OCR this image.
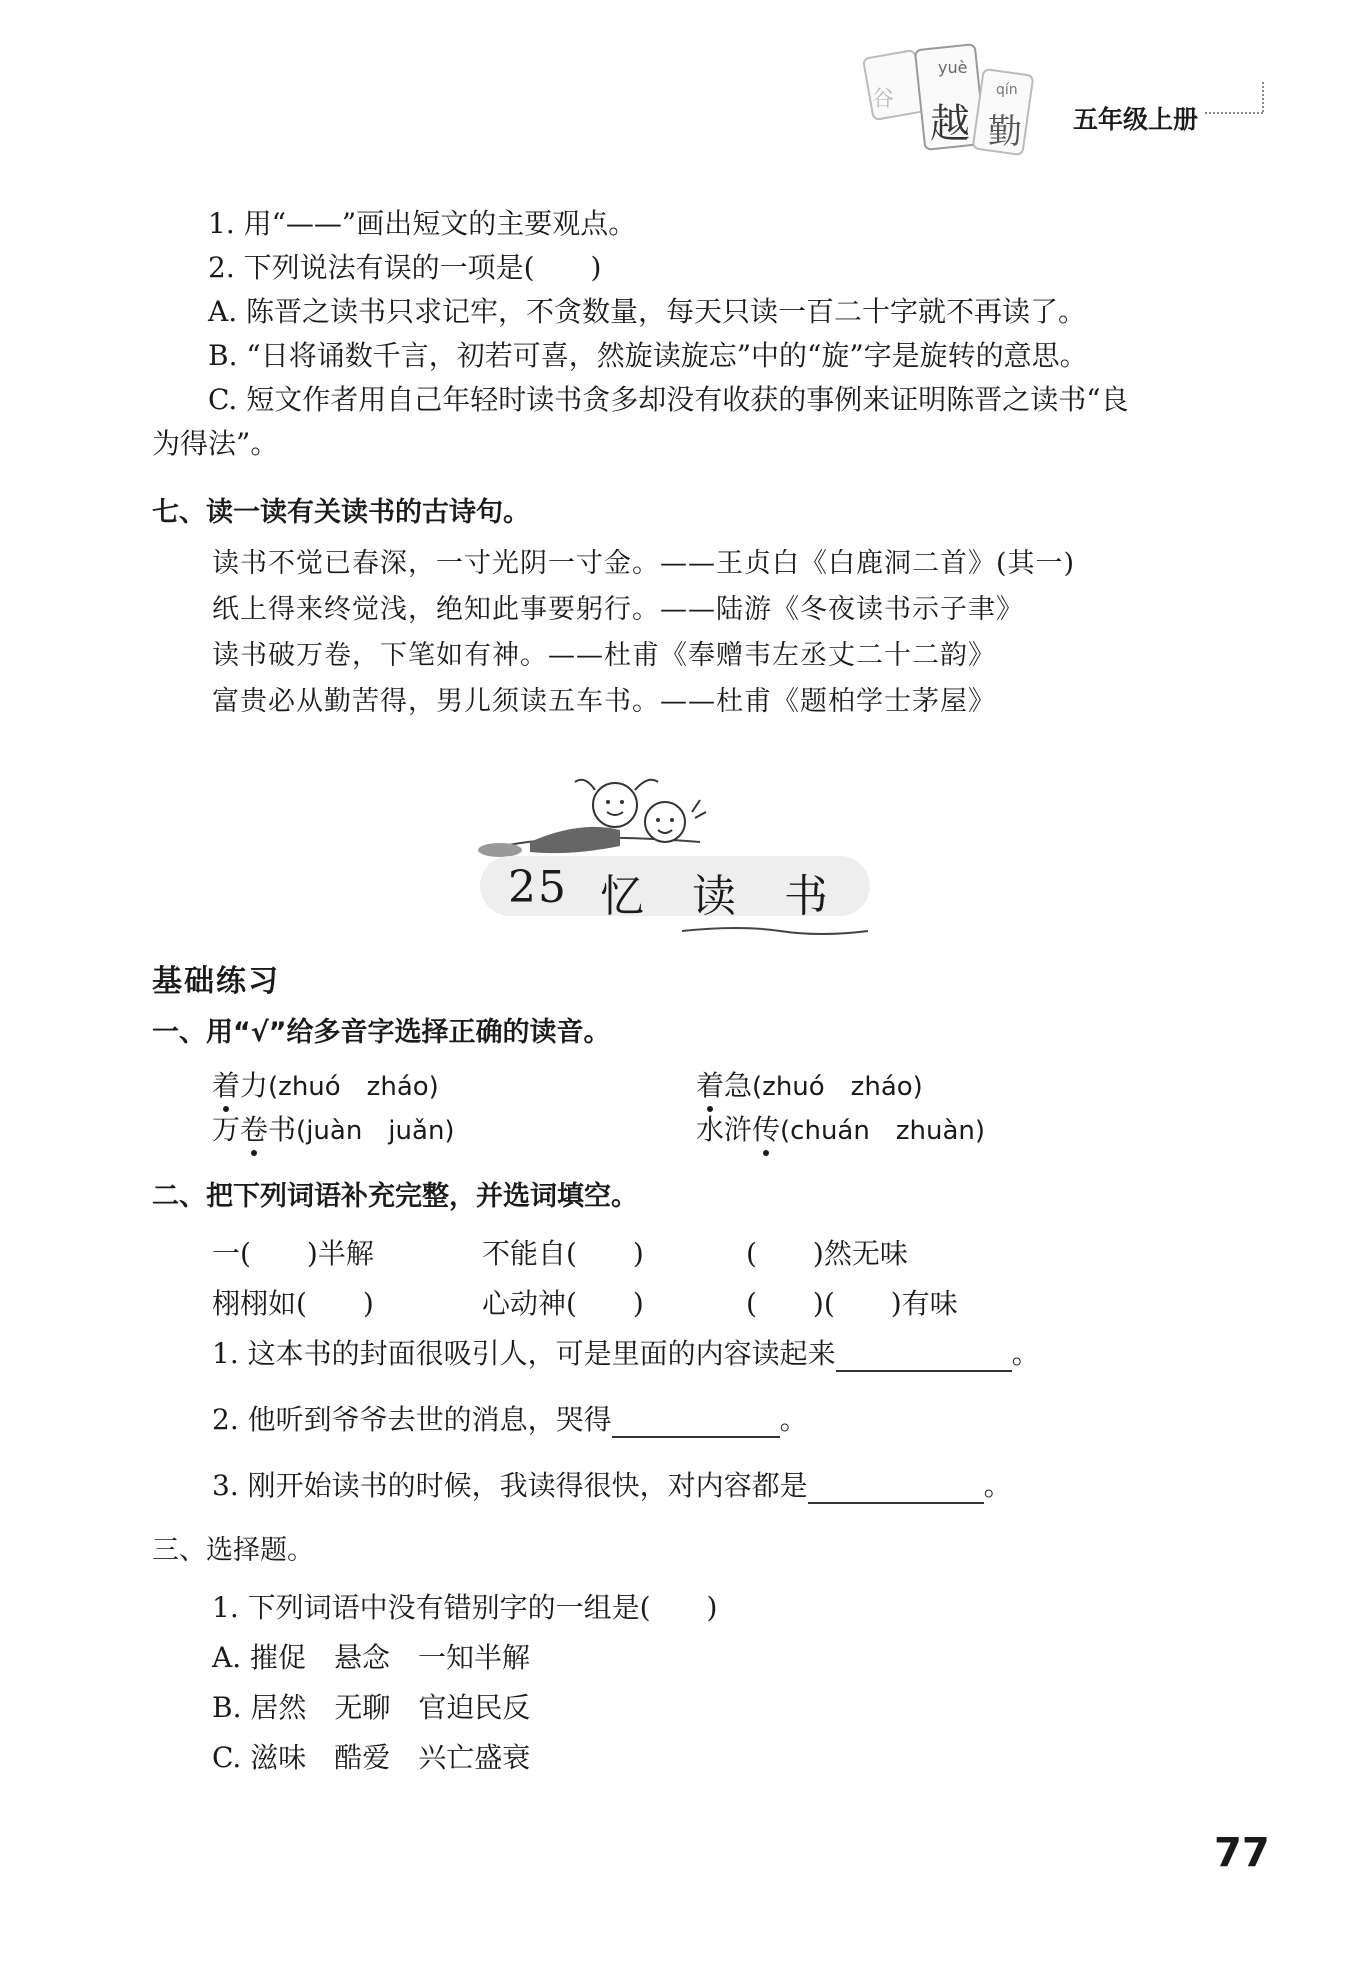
谷
yuè
越
qín
勤 五年级上册
1. 用“——”画出短文的主要观点。
2. 下列说法有误的一项是(　　)
A. 陈晋之读书只求记牢，不贪数量，每天只读一百二十字就不再读了。
B. “日将诵数千言，初若可喜，然旋读旋忘”中的“旋”字是旋转的意思。
C. 短文作者用自己年轻时读书贪多却没有收获的事例来证明陈晋之读书“良
为得法”。
七、读一读有关读书的古诗句。
读书不觉已春深，一寸光阴一寸金。——王贞白《白鹿洞二首》(其一)
纸上得来终觉浅，绝知此事要躬行。——陆游《冬夜读书示子聿》
读书破万卷，下笔如有神。——杜甫《奉赠韦左丞丈二十二韵》
富贵必从勤苦得，男儿须读五车书。——杜甫《题柏学士茅屋》
25 忆 读 书
基础练习
一、用“√”给多音字选择正确的读音。
着力(zhuó　zháo)	着急(zhuó　zháo)
万卷书(juàn　juǎn)	水浒传(chuán　zhuàn)
二、把下列词语补充完整，并选词填空。
一(　　)半解	不能自(　　)	(　　)然无味
栩栩如(　　)	心动神(　　)	(　　)(　　)有味
1. 这本书的封面很吸引人，可是里面的内容读起来	。
2. 他听到爷爷去世的消息，哭得	。
3. 刚开始读书的时候，我读得很快，对内容都是	。
三、选择题。
1. 下列词语中没有错别字的一组是(　　)
A. 摧促　悬念　一知半解
B. 居然　无聊　官迫民反
C. 滋味　酷爱　兴亡盛衰
77
